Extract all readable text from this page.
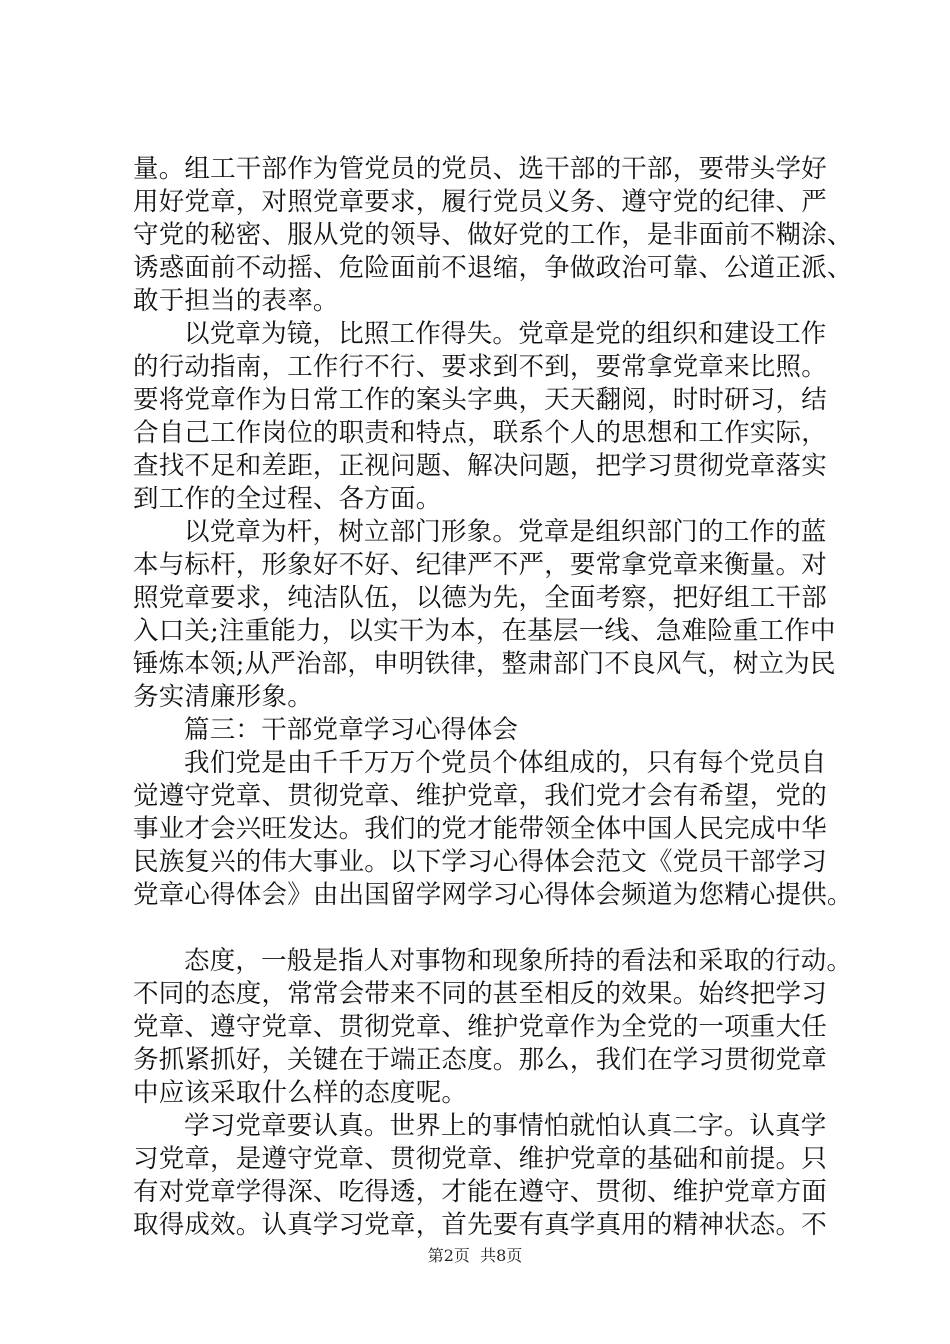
量。组工干部作为管党员的党员、选干部的干部，要带头学好
用好党章，对照党章要求，履行党员义务、遵守党的纪律、严
守党的秘密、服从党的领导、做好党的工作，是非面前不糊涂、
诱惑面前不动摇、危险面前不退缩，争做政治可靠、公道正派、
敢于担当的表率。
以党章为镜，比照工作得失。党章是党的组织和建设工作
的行动指南，工作行不行、要求到不到，要常拿党章来比照。
要将党章作为日常工作的案头字典，天天翻阅，时时研习，结
合自己工作岗位的职责和特点，联系个人的思想和工作实际，
查找不足和差距，正视问题、解决问题，把学习贯彻党章落实
到工作的全过程、各方面。
以党章为杆，树立部门形象。党章是组织部门的工作的蓝
本与标杆，形象好不好、纪律严不严，要常拿党章来衡量。对
照党章要求，纯洁队伍，以德为先，全面考察，把好组工干部
入口关;注重能力，以实干为本，在基层一线、急难险重工作中
锤炼本领;从严治部，申明铁律，整肃部门不良风气，树立为民
务实清廉形象。
篇三：干部党章学习心得体会
我们党是由千千万万个党员个体组成的，只有每个党员自
觉遵守党章、贯彻党章、维护党章，我们党才会有希望，党的
事业才会兴旺发达。我们的党才能带领全体中国人民完成中华
民族复兴的伟大事业。以下学习心得体会范文《党员干部学习
党章心得体会》由出国留学网学习心得体会频道为您精心提供。
态度，一般是指人对事物和现象所持的看法和采取的行动。
不同的态度，常常会带来不同的甚至相反的效果。始终把学习
党章、遵守党章、贯彻党章、维护党章作为全党的一项重大任
务抓紧抓好，关键在于端正态度。那么，我们在学习贯彻党章
中应该采取什么样的态度呢。
学习党章要认真。世界上的事情怕就怕认真二字。认真学
习党章，是遵守党章、贯彻党章、维护党章的基础和前提。只
有对党章学得深、吃得透，才能在遵守、贯彻、维护党章方面
取得成效。认真学习党章，首先要有真学真用的精神状态。不
第2页  共8页
